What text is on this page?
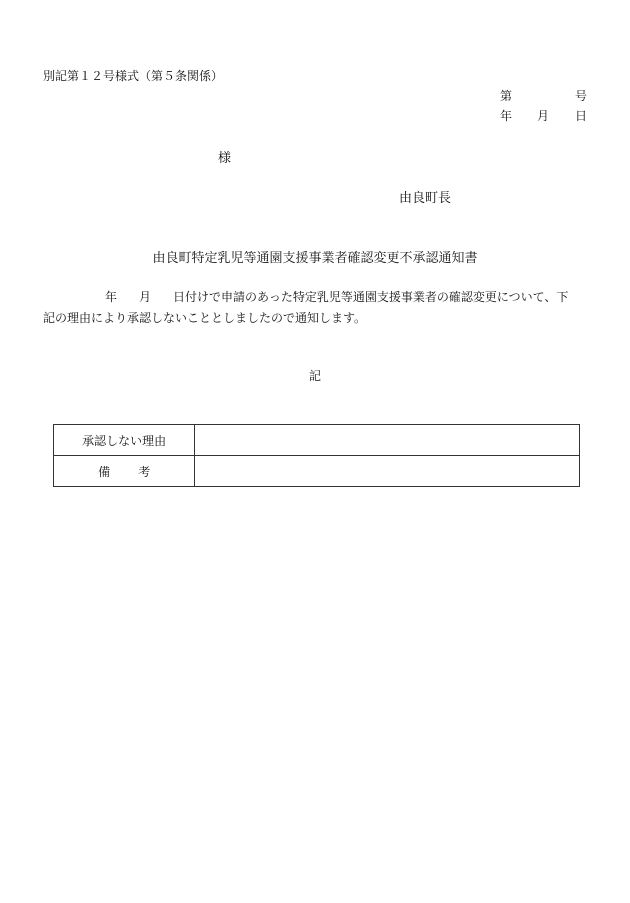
別記第１２号様式（第５条関係）
第	号
年 月 日
様
由良町長
由良町特定乳児等通園支援事業者確認変更不承認通知書
年 月 日付けで申請のあった特定乳児等通園支援事業者の確認変更について、下
記の理由により承認しないこととしましたので通知します。
記
承認しない理由	
備 考	
